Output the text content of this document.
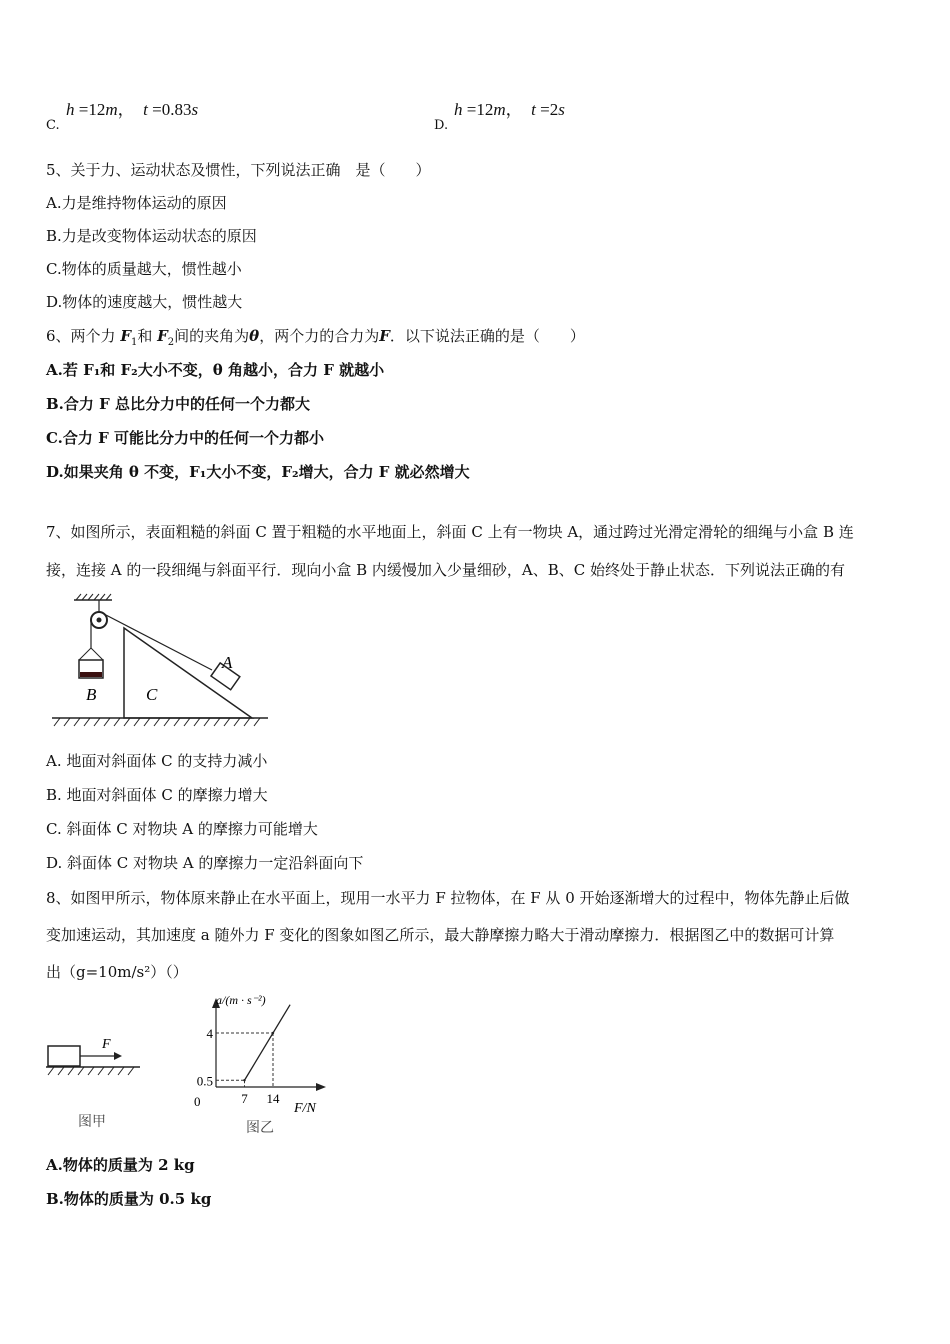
C.
h =12m， t =0.83s
D.
h =12m， t =2s
5、关于力、运动状态及惯性，下列说法正确　是（　　）
A.力是维持物体运动的原因
B.力是改变物体运动状态的原因
C.物体的质量越大，惯性越小
D.物体的速度越大，惯性越大
6、两个力 $F_1$和 $F_2$间的夹角为θ，两个力的合力为F．以下说法正确的是（　　）
A.若 F₁和 F₂大小不变，θ 角越小，合力 F 就越小
B.合力 F 总比分力中的任何一个力都大
C.合力 F 可能比分力中的任何一个力都小
D.如果夹角 θ 不变，F₁大小不变，F₂增大，合力 F 就必然增大
7、如图所示，表面粗糙的斜面 C 置于粗糙的水平地面上，斜面 C 上有一物块 A，通过跨过光滑定滑轮的细绳与小盒 B 连
接，连接 A 的一段细绳与斜面平行．现向小盒 B 内缓慢加入少量细砂，A、B、C 始终处于静止状态．下列说法正确的有
B	C
A
A. 地面对斜面体 C 的支持力减小
B. 地面对斜面体 C 的摩擦力增大
C. 斜面体 C 对物块 A 的摩擦力可能增大
D. 斜面体 C 对物块 A 的摩擦力一定沿斜面向下
8、如图甲所示，物体原来静止在水平面上，现用一水平力 F 拉物体，在 F 从 0 开始逐渐增大的过程中，物体先静止后做
变加速运动，其加速度 a 随外力 F 变化的图象如图乙所示，最大静摩擦力略大于滑动摩擦力．根据图乙中的数据可计算
出（g=10m/s²）（）
F
图甲
a/(m · s⁻²)
F/N
0	7
0.5
14
4
图乙
A.物体的质量为 2 kg
B.物体的质量为 0.5 kg
